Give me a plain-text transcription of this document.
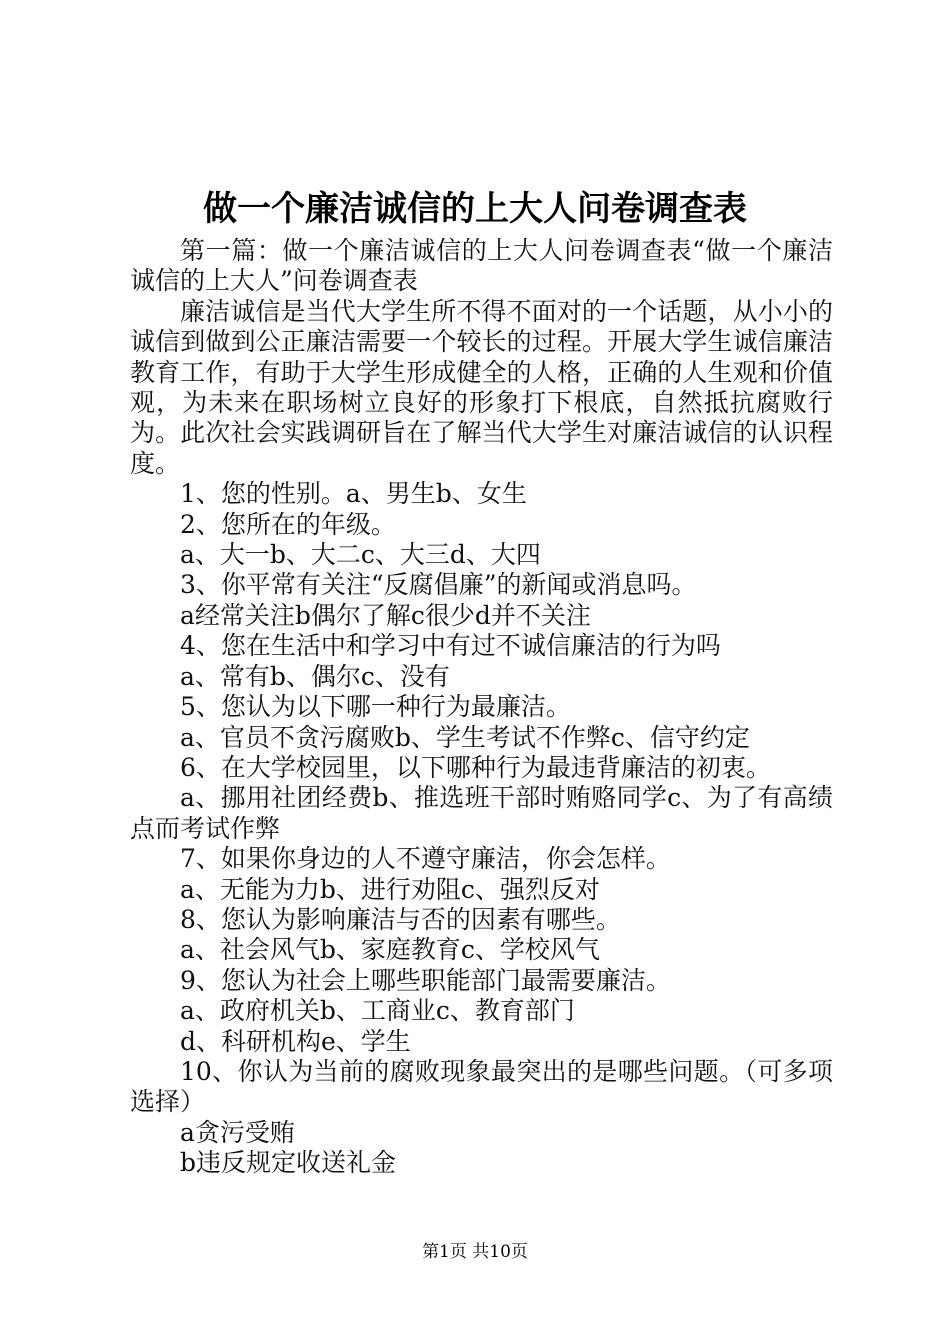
做一个廉洁诚信的上大人问卷调查表

第一篇：做一个廉洁诚信的上大人问卷调查表“做一个廉洁诚信的上大人”问卷调查表

廉洁诚信是当代大学生所不得不面对的一个话题，从小小的诚信到做到公正廉洁需要一个较长的过程。开展大学生诚信廉洁教育工作，有助于大学生形成健全的人格，正确的人生观和价值观，为未来在职场树立良好的形象打下根底，自然抵抗腐败行为。此次社会实践调研旨在了解当代大学生对廉洁诚信的认识程度。

1、您的性别。a、男生b、女生

2、您所在的年级。

a、大一b、大二c、大三d、大四

3、你平常有关注“反腐倡廉”的新闻或消息吗。

a经常关注b偶尔了解c很少d并不关注

4、您在生活中和学习中有过不诚信廉洁的行为吗

a、常有b、偶尔c、没有

5、您认为以下哪一种行为最廉洁。

a、官员不贪污腐败b、学生考试不作弊c、信守约定

6、在大学校园里，以下哪种行为最违背廉洁的初衷。

a、挪用社团经费b、推选班干部时贿赂同学c、为了有高绩点而考试作弊

7、如果你身边的人不遵守廉洁，你会怎样。

a、无能为力b、进行劝阻c、强烈反对

8、您认为影响廉洁与否的因素有哪些。

a、社会风气b、家庭教育c、学校风气

9、您认为社会上哪些职能部门最需要廉洁。

a、政府机关b、工商业c、教育部门

d、科研机构e、学生

10、你认为当前的腐败现象最突出的是哪些问题。（可多项选择）

a贪污受贿

b违反规定收送礼金

第1页 共10页
